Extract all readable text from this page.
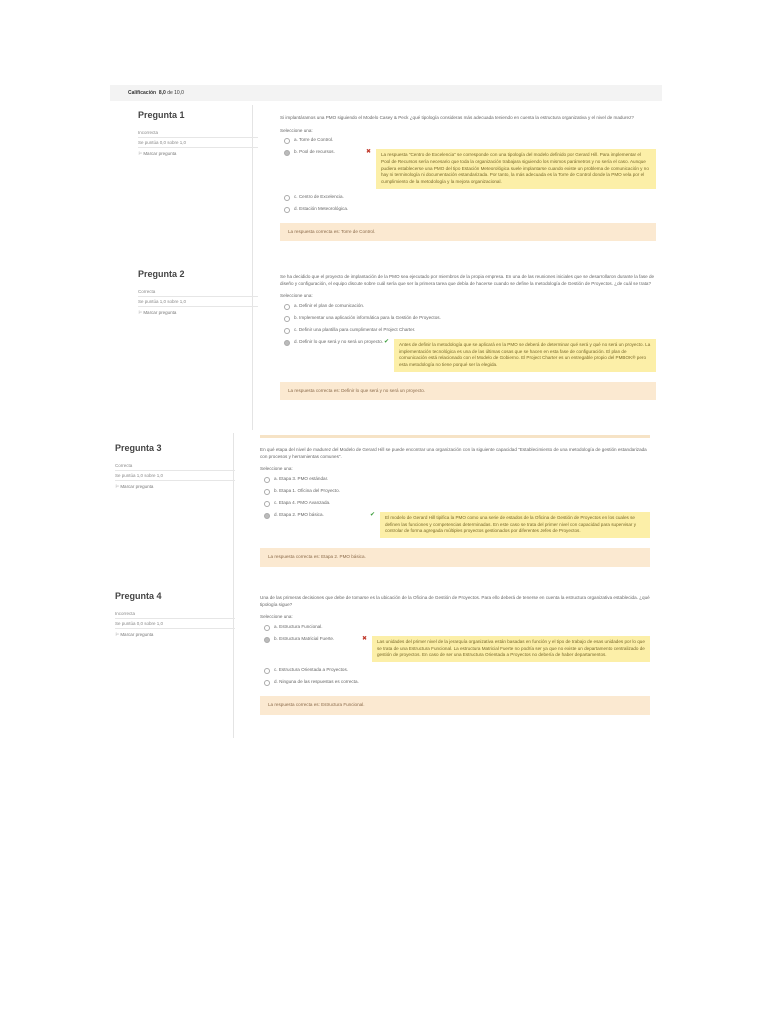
Calificación 8,0 de 10,0
Pregunta 1
Incorrecta
Se puntúa 0,0 sobre 1,0
⚐ Marcar pregunta
Si implantáramos una PMO siguiendo el Modelo Casey & Peck ¿qué tipología consideras más adecuada teniendo en cuenta la estructura organizativa y el nivel de madurez?
Seleccione una:
a. Torre de Control.
b. Pool de recursos.	✖	La respuesta "Centro de Excelencia" se corresponde con una tipología del modelo definido por Gerard Hill. Para implementar el Pool de Recursos sería necesario que toda la organización trabajara siguiendo los mismos parámetros y no sería el caso. Aunque pudiera establecerse una PMO del tipo Estación Meteorológica suele implantarse cuando existe un problema de comunicación y no hay ni terminología ni documentación estandarizada. Por tanto, la más adecuada es la Torre de Control donde la PMO vela por el cumplimiento de la metodología y la mejora organizacional.
c. Centro de Excelencia.
d. Estación Meteorológica.
La respuesta correcta es: Torre de Control.
Pregunta 2
Correcta
Se puntúa 1,0 sobre 1,0
⚐ Marcar pregunta
Se ha decidido que el proyecto de implantación de la PMO sea ejecutado por miembros de la propia empresa. En una de las reuniones iniciales que se desarrollaron durante la fase de diseño y configuración, el equipo discute sobre cuál sería que ser la primera tarea que debía de hacerse cuando se define la metodología de Gestión de Proyectos. ¿de cuál se trata?
Seleccione una:
a. Definir el plan de comunicación.
b. Implementar una aplicación informática para la Gestión de Proyectos.
c. Definir una plantilla para cumplimentar el Project Charter.
d. Definir lo que será y no será un proyecto. ✔	Antes de definir la metodología que se aplicará en la PMO se deberá de determinar qué será y qué no será un proyecto. La implementación tecnológica es una de las últimas cosas que se hacen en esta fase de configuración. El plan de comunicación está relacionado con el Modelo de Gobierno. El Project Charter es un entregable propio del PMBOK® pero esta metodología no tiene porqué ser la elegida.
La respuesta correcta es: Definir lo que será y no será un proyecto.
Pregunta 3
Correcta
Se puntúa 1,0 sobre 1,0
⚐ Marcar pregunta
En qué etapa del nivel de madurez del Modelo de Gerard Hill se puede encontrar una organización con la siguiente capacidad "Establecimiento de una metodología de gestión estandarizada con procesos y herramientas comunes".
Seleccione una:
a. Etapa 3. PMO estándar.
b. Etapa 1. Oficina del Proyecto.
c. Etapa 4. PMO Avanzada.
d. Etapa 2. PMO básica.	✔	El modelo de Gerard Hill tipifica la PMO como una serie de estados de la Oficina de Gestión de Proyectos en los cuales se definen las funciones y competencias determinadas. En este caso se trata del primer nivel con capacidad para supervisar y controlar de forma agregada múltiples proyectos gestionados por diferentes Jefes de Proyectos.
La respuesta correcta es: Etapa 2. PMO básica.
Pregunta 4
Incorrecta
Se puntúa 0,0 sobre 1,0
⚐ Marcar pregunta
Una de las primeras decisiones que debe de tomarse es la ubicación de la Oficina de Gestión de Proyectos. Para ello deberá de tenerse en cuenta la estructura organizativa establecida. ¿qué tipología sigue?
Seleccione una:
a. Estructura Funcional.
b. Estructura Matricial Fuerte.	✖	Las unidades del primer nivel de la jerarquía organizativa están basadas en función y el tipo de trabajo de esas unidades por lo que se trata de una Estructura Funcional. La estructura Matricial Fuerte no podría ser ya que no existe un departamento centralizado de gestión de proyectos. En caso de ser una Estructura Orientada a Proyectos no debería de haber departamentos.
c. Estructura Orientada a Proyectos.
d. Ninguna de las respuestas es correcta.
La respuesta correcta es: Estructura Funcional.
